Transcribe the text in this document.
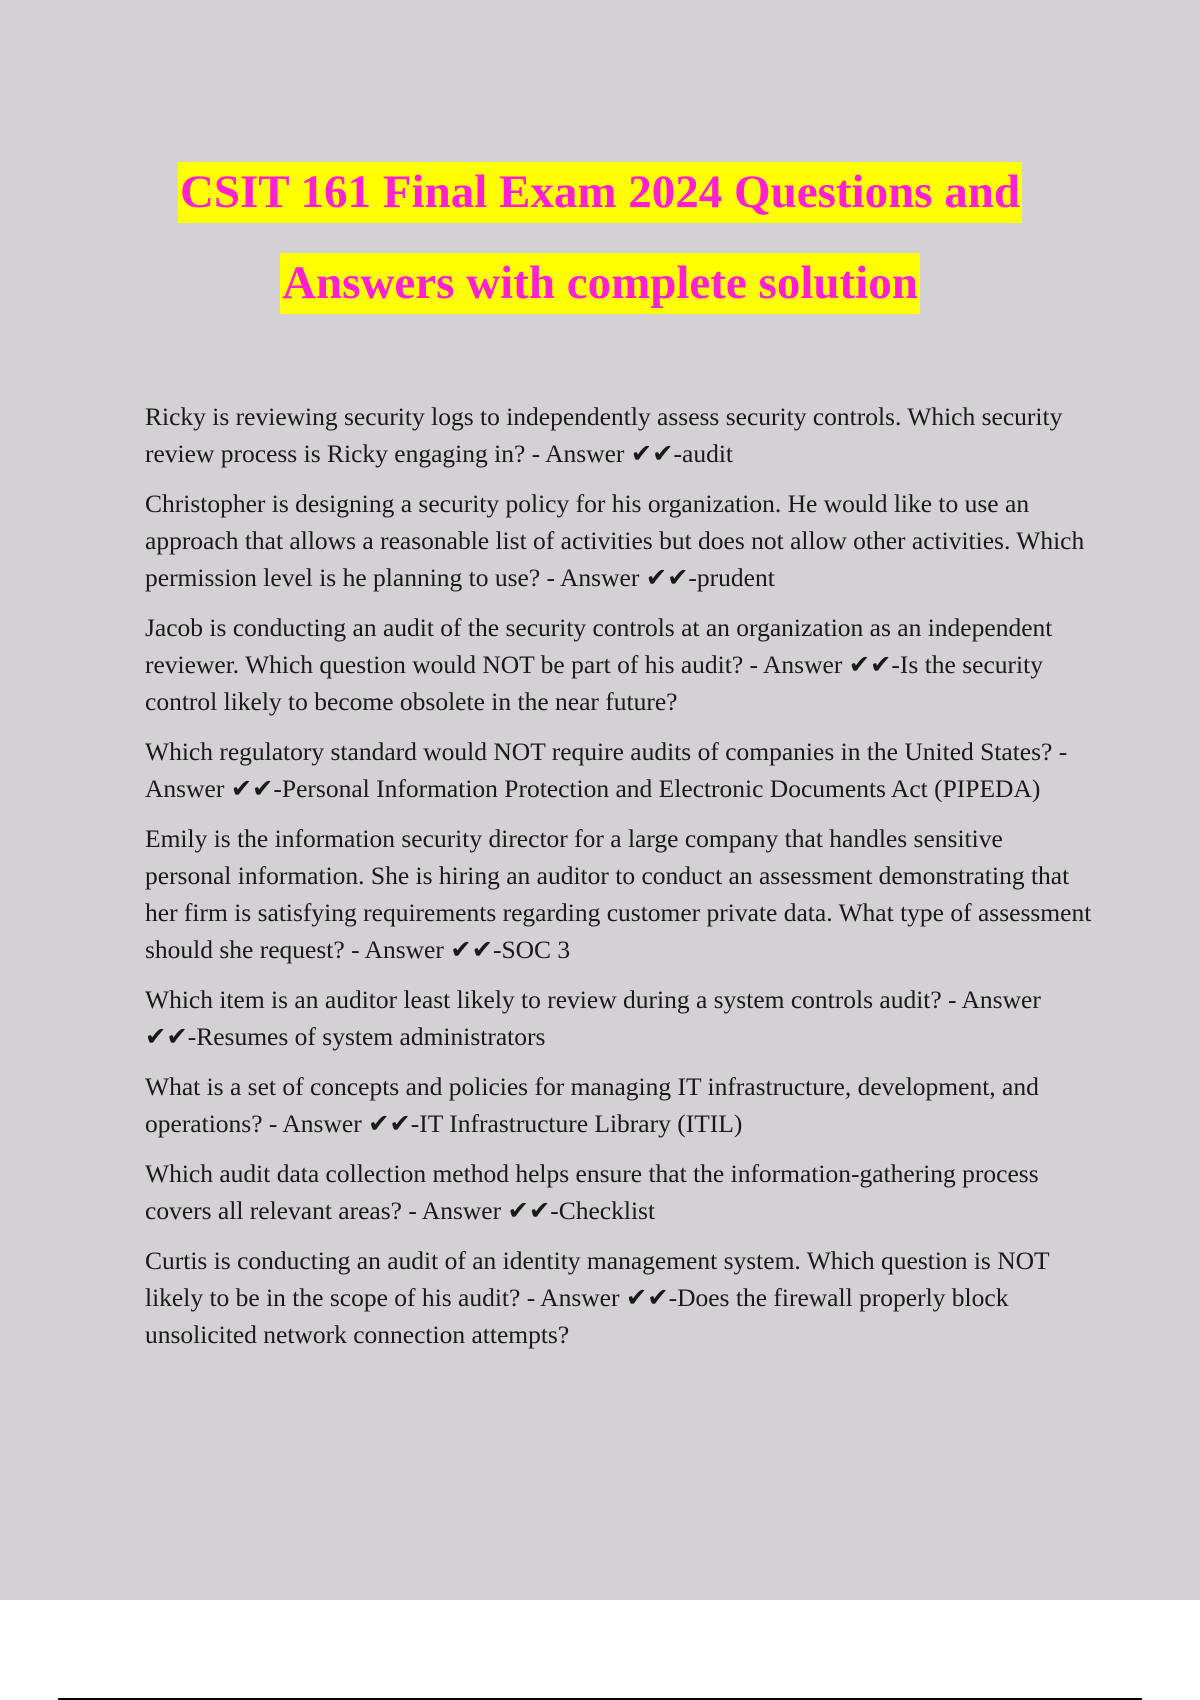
CSIT 161 Final Exam 2024 Questions and
Answers with complete solution

Ricky is reviewing security logs to independently assess security controls. Which security review process is Ricky engaging in? - Answer ✔✔-audit

Christopher is designing a security policy for his organization. He would like to use an approach that allows a reasonable list of activities but does not allow other activities. Which permission level is he planning to use? - Answer ✔✔-prudent

Jacob is conducting an audit of the security controls at an organization as an independent reviewer. Which question would NOT be part of his audit? - Answer ✔✔-Is the security control likely to become obsolete in the near future?

Which regulatory standard would NOT require audits of companies in the United States? - Answer ✔✔-Personal Information Protection and Electronic Documents Act (PIPEDA)

Emily is the information security director for a large company that handles sensitive personal information. She is hiring an auditor to conduct an assessment demonstrating that her firm is satisfying requirements regarding customer private data. What type of assessment should she request? - Answer ✔✔-SOC 3

Which item is an auditor least likely to review during a system controls audit? - Answer ✔✔-Resumes of system administrators

What is a set of concepts and policies for managing IT infrastructure, development, and operations? - Answer ✔✔-IT Infrastructure Library (ITIL)

Which audit data collection method helps ensure that the information-gathering process covers all relevant areas? - Answer ✔✔-Checklist

Curtis is conducting an audit of an identity management system. Which question is NOT likely to be in the scope of his audit? - Answer ✔✔-Does the firewall properly block unsolicited network connection attempts?
